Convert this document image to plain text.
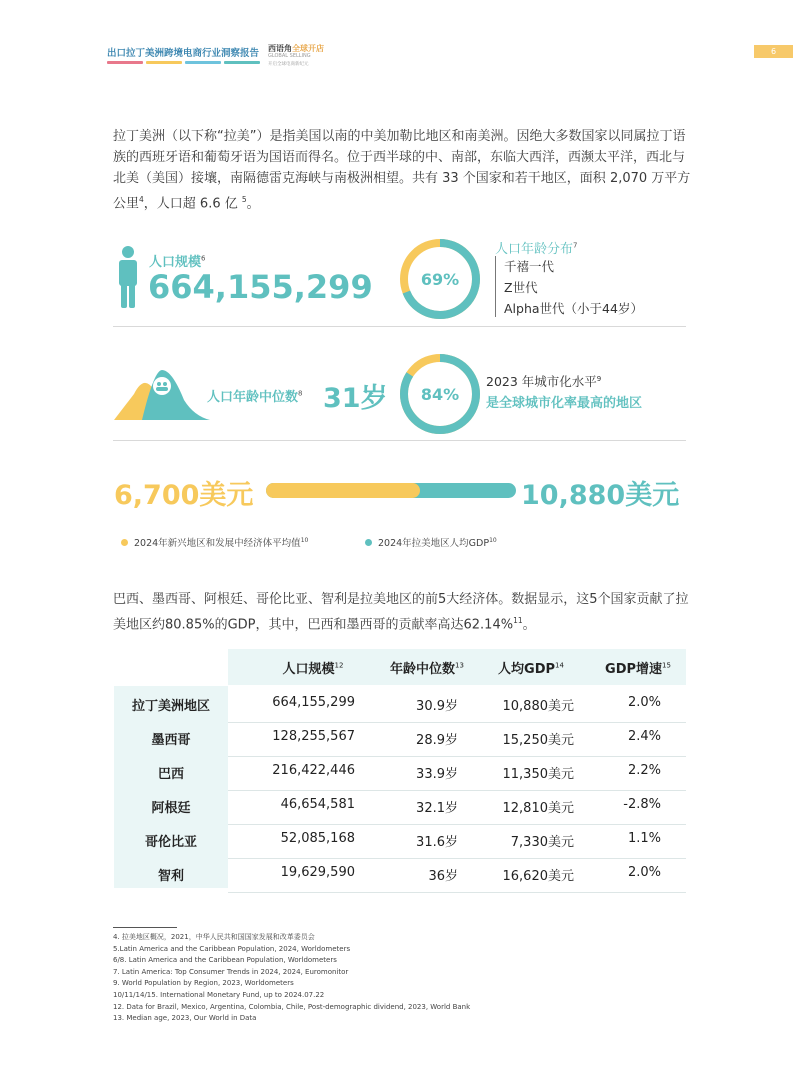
出口拉丁美洲跨境电商行业洞察报告 西语角全球开店
GLOBAL SELLING
开启全球电商新纪元
6
拉丁美洲（以下称“拉美”）是指美国以南的中美加勒比地区和南美洲。因绝大多数国家以同属拉丁语族的西班牙语和葡萄牙语为国语而得名。位于西半球的中、南部，东临大西洋，西濒太平洋，西北与北美（美国）接壤，南隔德雷克海峡与南极洲相望。共有 33 个国家和若干地区，面积 2,070 万平方公里$^4$，人口超 6.6 亿 $^5$。
人口规模$^6$
664,155,299	69%
人口年龄分布$^7$
千禧一代
Z世代
Alpha世代（小于44岁）
人口年龄中位数$^8$ 31岁 84%
2023 年城市化水平$^9$
是全球城市化率最高的地区
6,700美元	10,880美元
2024年新兴地区和发展中经济体平均值$^{10}$	2024年拉美地区人均GDP$^{10}$
巴西、墨西哥、阿根廷、哥伦比亚、智利是拉美地区的前5大经济体。数据显示，这5个国家贡献了拉美地区约80.85%的GDP，其中，巴西和墨西哥的贡献率高达62.14%$^{11}$。
人口规模$^{12}$	年龄中位数$^{13}$	人均GDP$^{14}$	GDP增速$^{15}$
拉丁美洲地区	664,155,299	30.9岁	10,880美元	2.0%
墨西哥	128,255,567	28.9岁	15,250美元	2.4%
巴西	216,422,446	33.9岁	11,350美元	2.2%
阿根廷	46,654,581	32.1岁	12,810美元	-2.8%
哥伦比亚	52,085,168	31.6岁	7,330美元	1.1%
智利	19,629,590	36岁	16,620美元	2.0%
4. 拉美地区概况，2021，中华人民共和国国家发展和改革委员会
5.Latin America and the Caribbean Population, 2024, Worldometers
6/8. Latin America and the Caribbean Population, Worldometers
7. Latin America: Top Consumer Trends in 2024, 2024, Euromonitor
9. World Population by Region, 2023, Worldometers
10/11/14/15. International Monetary Fund, up to 2024.07.22
12. Data for Brazil, Mexico, Argentina, Colombia, Chile, Post-demographic dividend, 2023, World Bank
13. Median age, 2023, Our World in Data
